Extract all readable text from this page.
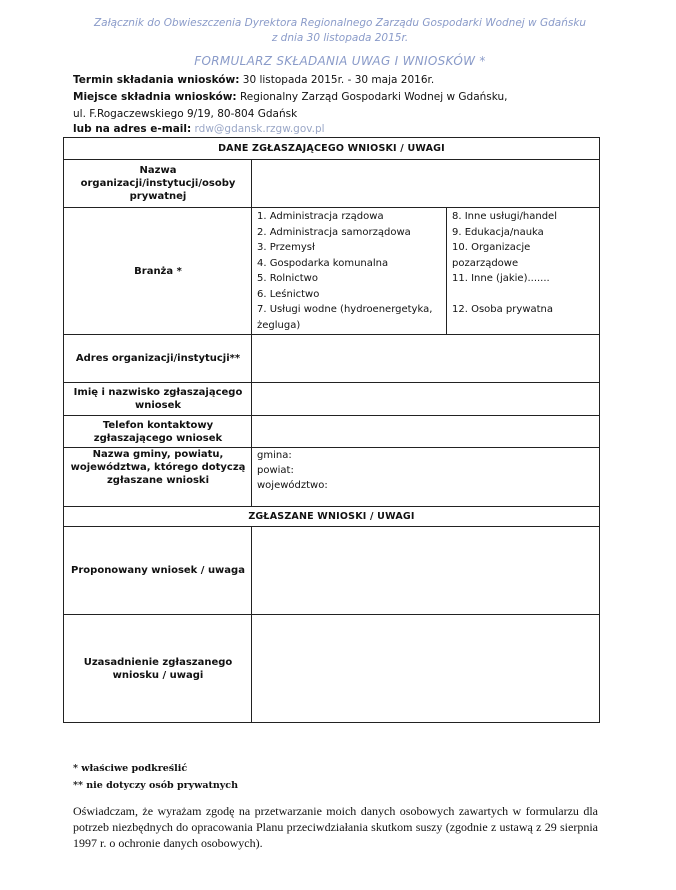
Załącznik do Obwieszczenia Dyrektora Regionalnego Zarządu Gospodarki Wodnej w Gdańsku
z dnia 30 listopada 2015r.
FORMULARZ SKŁADANIA UWAG I WNIOSKÓW *
Termin składania wniosków: 30 listopada 2015r. - 30 maja 2016r.
Miejsce składnia wniosków: Regionalny Zarząd Gospodarki Wodnej w Gdańsku,
ul. F.Rogaczewskiego 9/19, 80-804 Gdańsk
lub na adres e-mail: rdw@gdansk.rzgw.gov.pl
DANE ZGŁASZAJĄCEGO WNIOSKI / UWAGI
Nazwa organizacji/instytucji/osoby prywatnej
Branża *
1. Administracja rządowa
2. Administracja samorządowa
3. Przemysł
4. Gospodarka komunalna
5. Rolnictwo
6. Leśnictwo
7. Usługi wodne (hydroenergetyka,
żegluga)
8. Inne usługi/handel
9. Edukacja/nauka
10. Organizacje
pozarządowe
11. Inne (jakie).......
12. Osoba prywatna
Adres organizacji/instytucji**
Imię i nazwisko zgłaszającego wniosek
Telefon kontaktowy zgłaszającego wniosek
Nazwa gminy, powiatu, województwa, którego dotyczą zgłaszane wnioski
gmina:
powiat:
województwo:
ZGŁASZANE WNIOSKI / UWAGI
Proponowany wniosek / uwaga
Uzasadnienie zgłaszanego wniosku / uwagi
* właściwe podkreślić
** nie dotyczy osób prywatnych
Oświadczam, że wyrażam zgodę na przetwarzanie moich danych osobowych zawartych w formularzu dla potrzeb niezbędnych do opracowania Planu przeciwdziałania skutkom suszy (zgodnie z ustawą z 29 sierpnia 1997 r. o ochronie danych osobowych).
